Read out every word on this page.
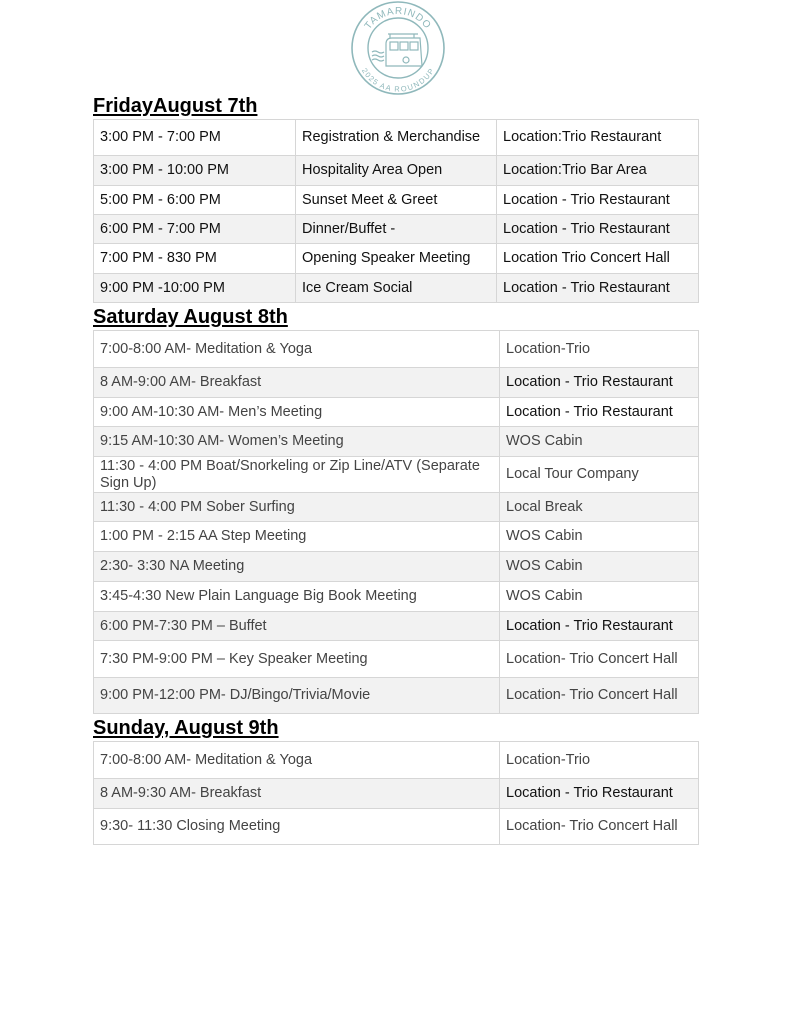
TAMARINDO
2025 AA ROUNDUP
FridayAugust 7th
3:00 PM - 7:00 PM	Registration & Merchandise	Location:Trio Restaurant
3:00 PM - 10:00 PM	Hospitality Area Open	Location:Trio Bar Area
5:00 PM - 6:00 PM	Sunset Meet & Greet	Location - Trio Restaurant
6:00 PM - 7:00 PM	Dinner/Buffet -	Location - Trio Restaurant
7:00 PM - 830 PM	Opening Speaker Meeting	Location Trio Concert Hall
9:00 PM -10:00 PM	Ice Cream Social	Location - Trio Restaurant
Saturday August 8th
7:00-8:00 AM- Meditation & Yoga	Location-Trio
8 AM-9:00 AM- Breakfast	Location - Trio Restaurant
9:00 AM-10:30 AM- Men’s Meeting	Location - Trio Restaurant
9:15 AM-10:30 AM- Women’s Meeting	WOS Cabin
11:30 - 4:00 PM Boat/Snorkeling or Zip Line/ATV (Separate Sign Up)	Local Tour Company
11:30 - 4:00 PM Sober Surfing	Local Break
1:00 PM - 2:15 AA Step Meeting	WOS Cabin
2:30- 3:30 NA Meeting	WOS Cabin
3:45-4:30 New Plain Language Big Book Meeting	WOS Cabin
6:00 PM-7:30 PM – Buffet	Location - Trio Restaurant
7:30 PM-9:00 PM – Key Speaker Meeting	Location- Trio Concert Hall
9:00 PM-12:00 PM- DJ/Bingo/Trivia/Movie	Location- Trio Concert Hall
Sunday, August 9th
7:00-8:00 AM- Meditation & Yoga	Location-Trio
8 AM-9:30 AM- Breakfast	Location - Trio Restaurant
9:30- 11:30 Closing Meeting	Location- Trio Concert Hall
